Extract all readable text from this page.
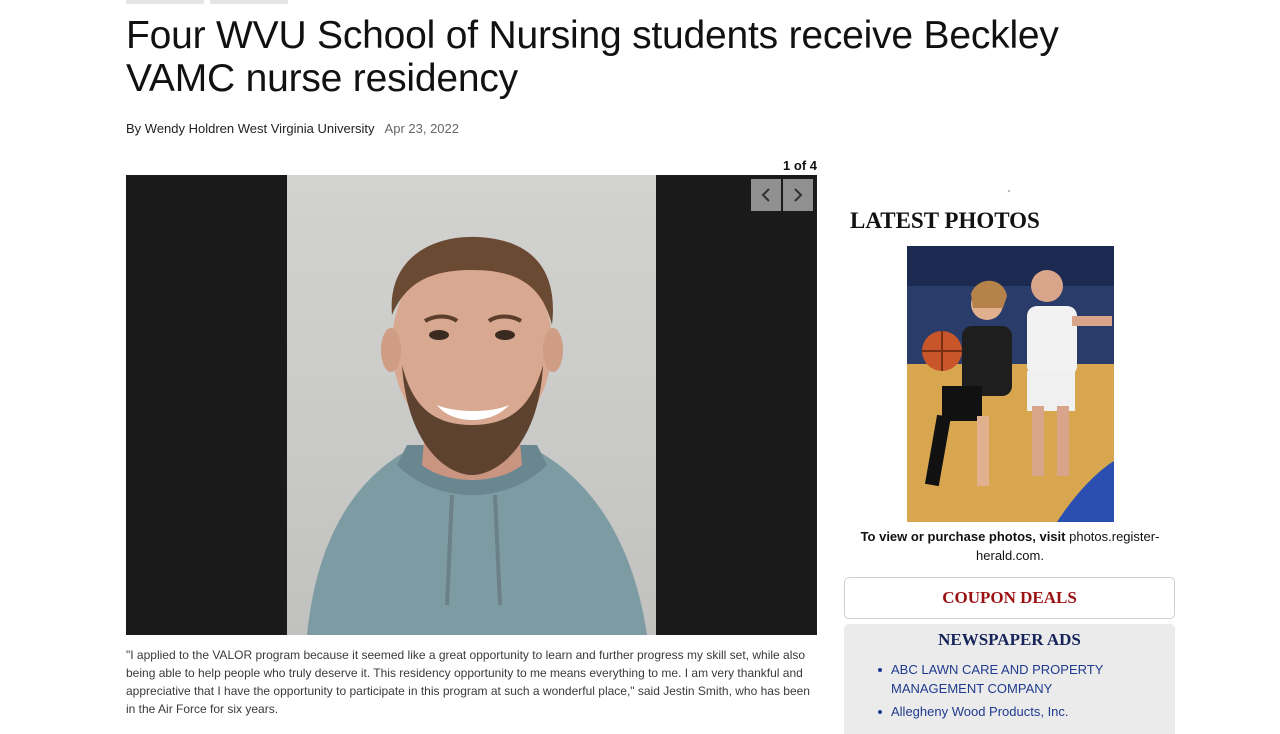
Four WVU School of Nursing students receive Beckley VAMC nurse residency
By Wendy Holdren West Virginia University Apr 23, 2022
1 of 4

"I applied to the VALOR program because it seemed like a great opportunity to learn and further progress my skill set, while also being able to help people who truly deserve it. This residency opportunity to me means everything to me. I am very thankful and appreciative that I have the opportunity to participate in this program at such a wonderful place," said Jestin Smith, who has been in the Air Force for six years.

LATEST PHOTOS
To view or purchase photos, visit photos.register-herald.com.
COUPON DEALS
NEWSPAPER ADS
ABC LAWN CARE AND PROPERTY MANAGEMENT COMPANY
Allegheny Wood Products, Inc.
